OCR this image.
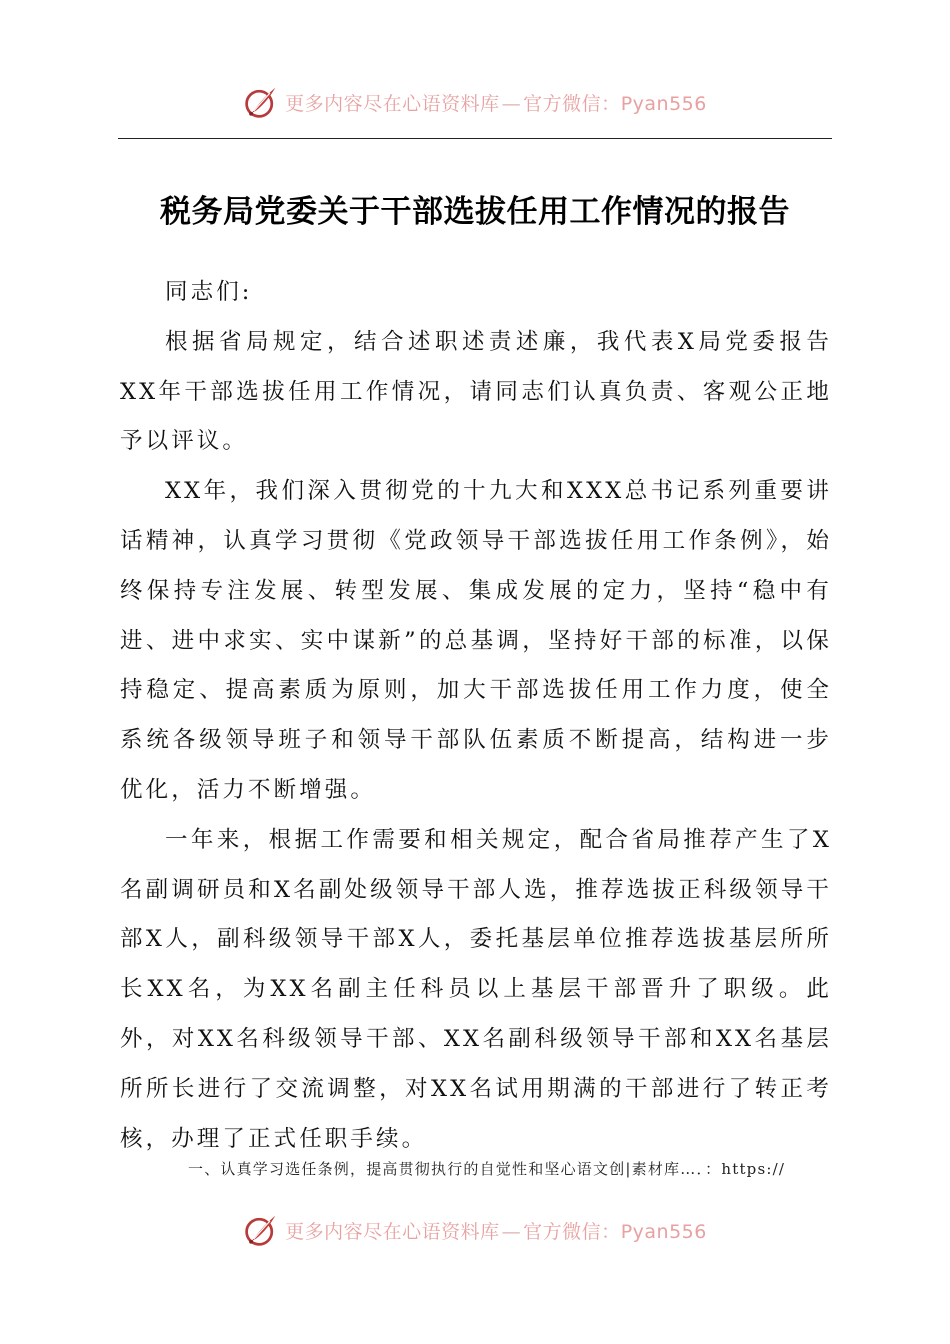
更多内容尽在心语资料库 — 官方微信：Pyan556
税务局党委关于干部选拔任用工作情况的报告

同志们:

根据省局规定，结合述职述责述廉，我代表X局党委报告XX年干部选拔任用工作情况，请同志们认真负责、客观公正地予以评议。

XX年，我们深入贯彻党的十九大和XXX总书记系列重要讲话精神，认真学习贯彻《党政领导干部选拔任用工作条例》，始终保持专注发展、转型发展、集成发展的定力，坚持“稳中有进、进中求实、实中谋新”的总基调，坚持好干部的标准，以保持稳定、提高素质为原则，加大干部选拔任用工作力度，使全系统各级领导班子和领导干部队伍素质不断提高，结构进一步优化，活力不断增强。

一年来，根据工作需要和相关规定，配合省局推荐产生了X名副调研员和X名副处级领导干部人选，推荐选拔正科级领导干部X人，副科级领导干部X人，委托基层单位推荐选拔基层所所长XX名，为XX名副主任科员以上基层干部晋升了职级。此外，对XX名科级领导干部、XX名副科级领导干部和XX名基层所所长进行了交流调整，对XX名试用期满的干部进行了转正考核，办理了正式任职手续。

一、认真学习选任条例，提高贯彻执行的自觉性和坚心语文创|素材库…．：https://
更多内容尽在心语资料库 — 官方微信：Pyan556
